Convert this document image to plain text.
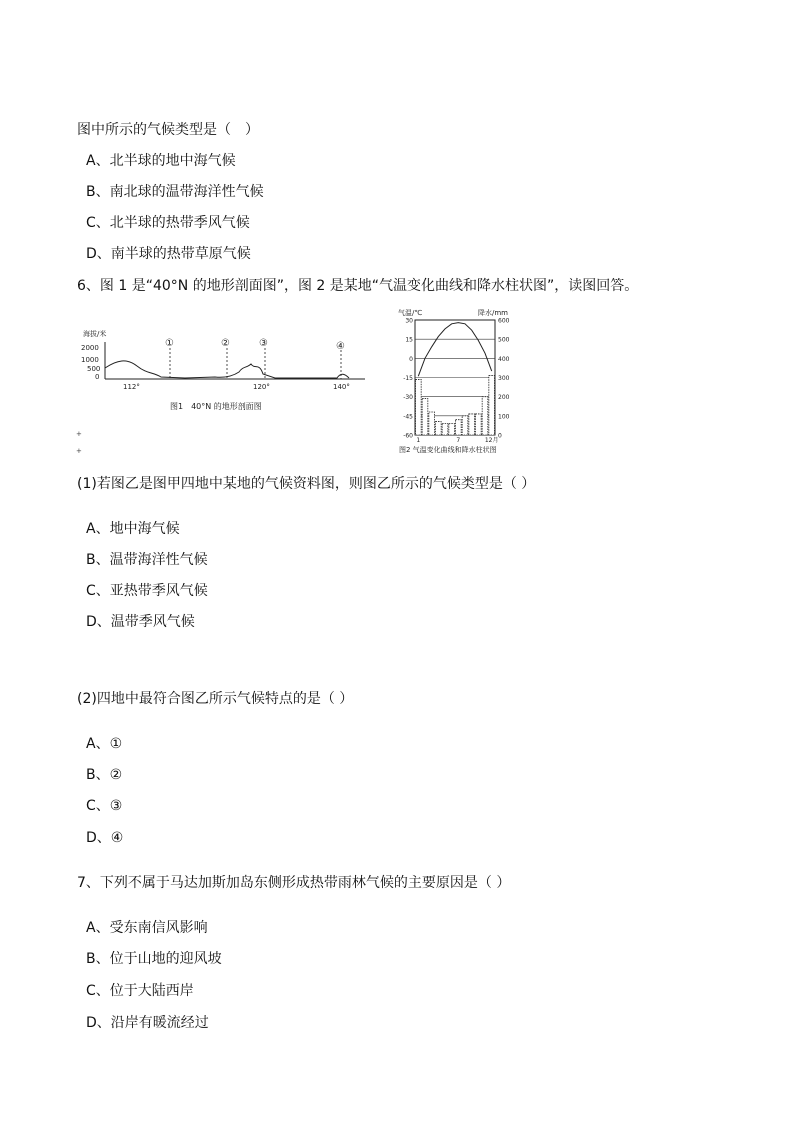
图中所示的气候类型是（　）
A、北半球的地中海气候
B、南北球的温带海洋性气候
C、北半球的热带季风气候
D、南半球的热带草原气候
6、图 1 是“40°N 的地形剖面图”，图 2 是某地“气温变化曲线和降水柱状图”，读图回答。
海拔/米
2000
1000
500
0
①	②	③	④
112°	120°	140°
图1　40°N 的地形剖面图
+
+
气温/℃	降水/mm
30
15
0
-15
-30
-45
-60
600
500
400
300
200
100
0
1	7	12月
图2 气温变化曲线和降水柱状图
(1)若图乙是图甲四地中某地的气候资料图，则图乙所示的气候类型是（ ）
A、地中海气候
B、温带海洋性气候
C、亚热带季风气候
D、温带季风气候
(2)四地中最符合图乙所示气候特点的是（ ）
A、①
B、②
C、③
D、④
7、下列不属于马达加斯加岛东侧形成热带雨林气候的主要原因是（ ）
A、受东南信风影响
B、位于山地的迎风坡
C、位于大陆西岸
D、沿岸有暖流经过
